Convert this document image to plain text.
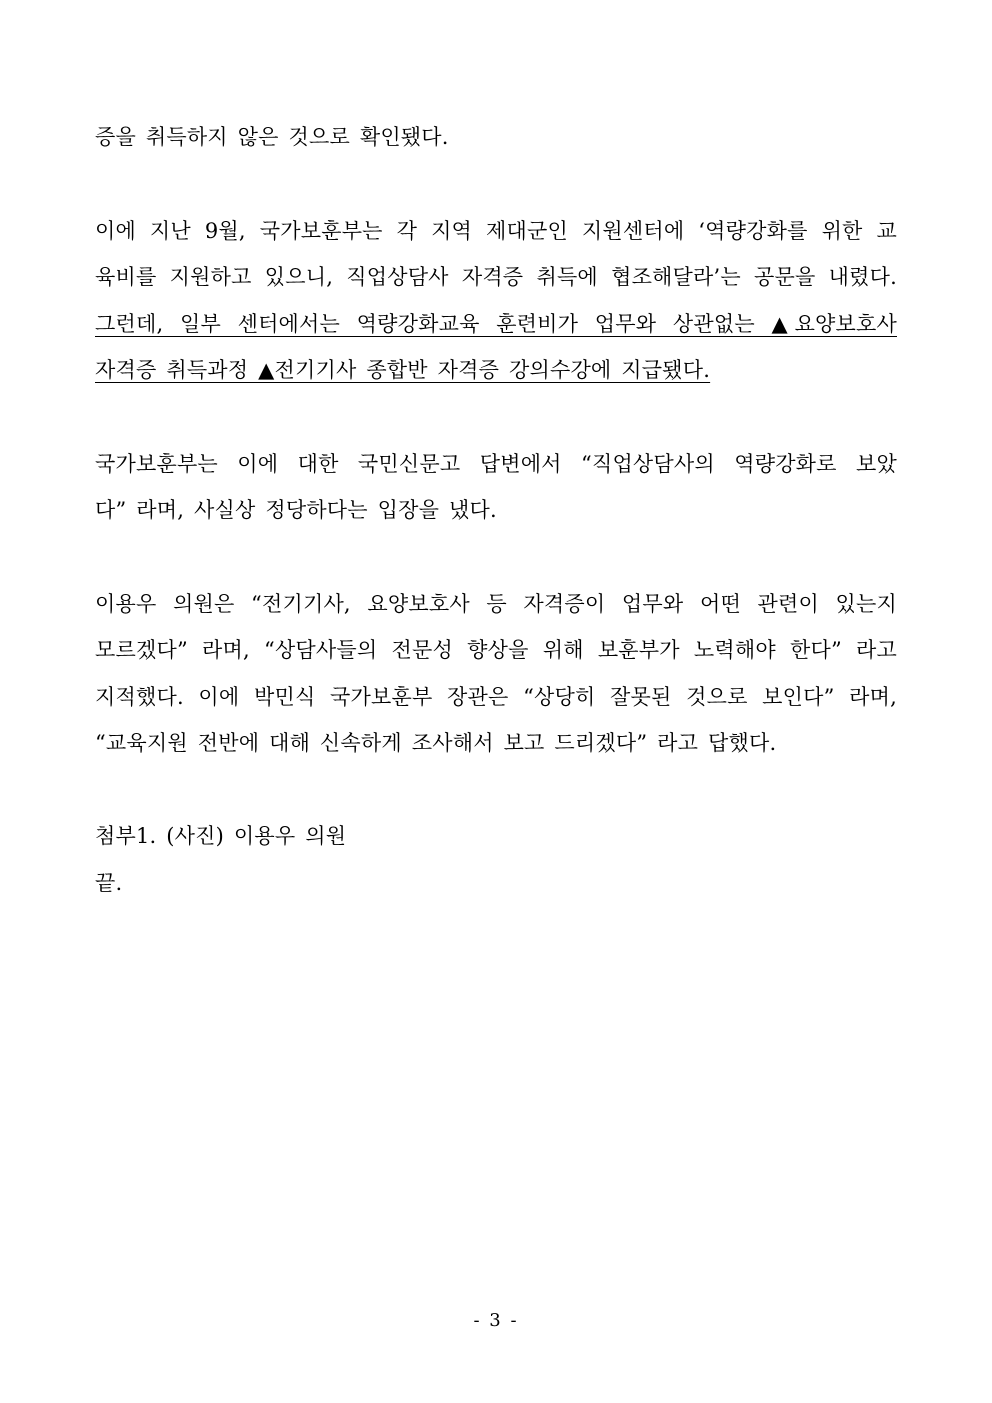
증을 취득하지 않은 것으로 확인됐다.
이에 지난 9월, 국가보훈부는 각 지역 제대군인 지원센터에 ‘역량강화를 위한 교
육비를 지원하고 있으니, 직업상담사 자격증 취득에 협조해달라’는 공문을 내렸다.
그런데, 일부 센터에서는 역량강화교육 훈련비가 업무와 상관없는 ▲요양보호사
자격증 취득과정 ▲전기기사 종합반 자격증 강의수강에 지급됐다.
국가보훈부는 이에 대한 국민신문고 답변에서 “직업상담사의 역량강화로 보았
다” 라며, 사실상 정당하다는 입장을 냈다.
이용우 의원은 “전기기사, 요양보호사 등 자격증이 업무와 어떤 관련이 있는지
모르겠다” 라며, “상담사들의 전문성 향상을 위해 보훈부가 노력해야 한다” 라고
지적했다. 이에 박민식 국가보훈부 장관은 “상당히 잘못된 것으로 보인다” 라며,
“교육지원 전반에 대해 신속하게 조사해서 보고 드리겠다” 라고 답했다.
첨부1. (사진) 이용우 의원
끝.
- 3 -
